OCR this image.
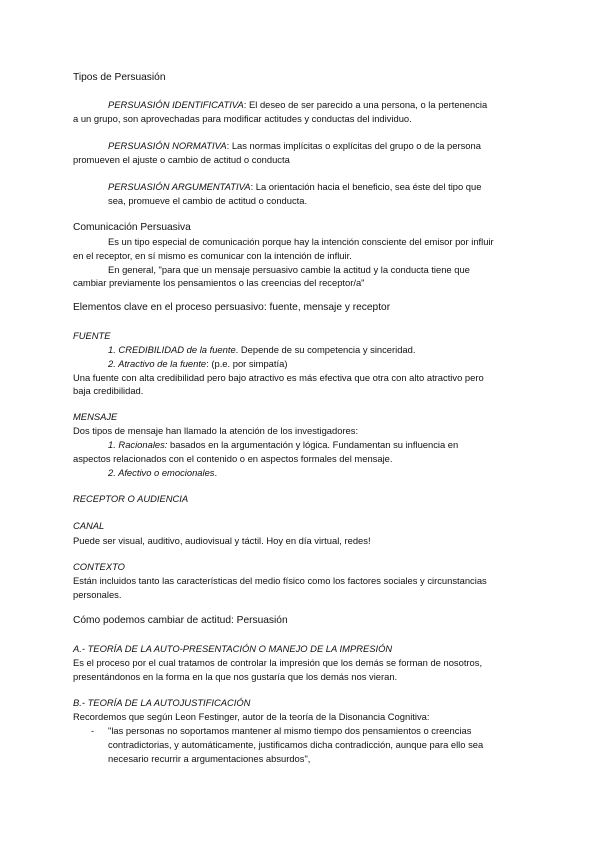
Tipos de Persuasión
PERSUASIÓN IDENTIFICATIVA: El deseo de ser parecido a una persona, o la pertenencia
a un grupo, son aprovechadas para modificar actitudes y conductas del individuo.
PERSUASIÓN NORMATIVA: Las normas implícitas o explícitas del grupo o de la persona
promueven el ajuste o cambio de actitud o conducta
PERSUASIÓN ARGUMENTATIVA: La orientación hacia el beneficio, sea éste del tipo que
sea, promueve el cambio de actitud o conducta.
Comunicación Persuasiva
Es un tipo especial de comunicación porque hay la intención consciente del emisor por influir
en el receptor, en sí mismo es comunicar con la intención de influir.
En general, "para que un mensaje persuasivo cambie la actitud y la conducta tiene que
cambiar previamente los pensamientos o las creencias del receptor/a"
Elementos clave en el proceso persuasivo: fuente, mensaje y receptor
FUENTE
1. CREDIBILIDAD de la fuente. Depende de su competencia y sinceridad.
2. Atractivo de la fuente: (p.e. por simpatía)
Una fuente con alta credibilidad pero bajo atractivo es más efectiva que otra con alto atractivo pero
baja credibilidad.
MENSAJE
Dos tipos de mensaje han llamado la atención de los investigadores:
1. Racionales: basados en la argumentación y lógica. Fundamentan su influencia en
aspectos relacionados con el contenido o en aspectos formales del mensaje.
2. Afectivo o emocionales.
RECEPTOR O AUDIENCIA
CANAL
Puede ser visual, auditivo, audiovisual y táctil. Hoy en día virtual, redes!
CONTEXTO
Están incluidos tanto las características del medio físico como los factores sociales y circunstancias
personales.
Cómo podemos cambiar de actitud: Persuasión
A.- TEORÍA DE LA AUTO-PRESENTACIÓN O MANEJO DE LA IMPRESIÓN
Es el proceso por el cual tratamos de controlar la impresión que los demás se forman de nosotros,
presentándonos en la forma en la que nos gustaría que los demás nos vieran.
B.- TEORÍA DE LA AUTOJUSTIFICACIÓN
Recordemos que según Leon Festinger, autor de la teoría de la Disonancia Cognitiva:
- "las personas no soportamos mantener al mismo tiempo dos pensamientos o creencias
contradictorias, y automáticamente, justificamos dicha contradicción, aunque para ello sea
necesario recurrir a argumentaciones absurdos",
